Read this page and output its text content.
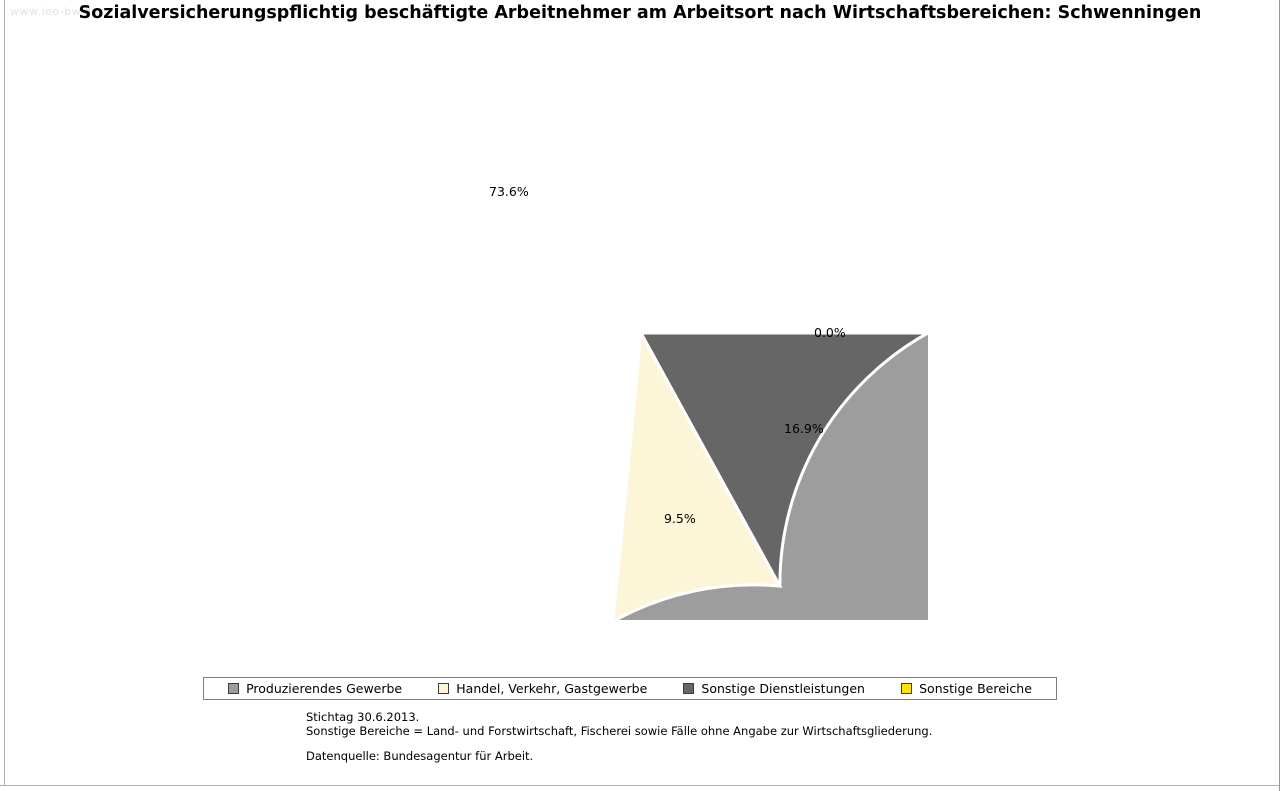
www.leo-bw.de
Sozialversicherungspflichtig beschäftigte Arbeitnehmer am Arbeitsort nach Wirtschaftsbereichen: Schwenningen
73.6%
9.5%
16.9%
0.0%
Produzierendes Gewerbe	Handel, Verkehr, Gastgewerbe	Sonstige Dienstleistungen	Sonstige Bereiche
Stichtag 30.6.2013.
Sonstige Bereiche = Land- und Forstwirtschaft, Fischerei sowie Fälle ohne Angabe zur Wirtschaftsgliederung.
Datenquelle: Bundesagentur für Arbeit.
